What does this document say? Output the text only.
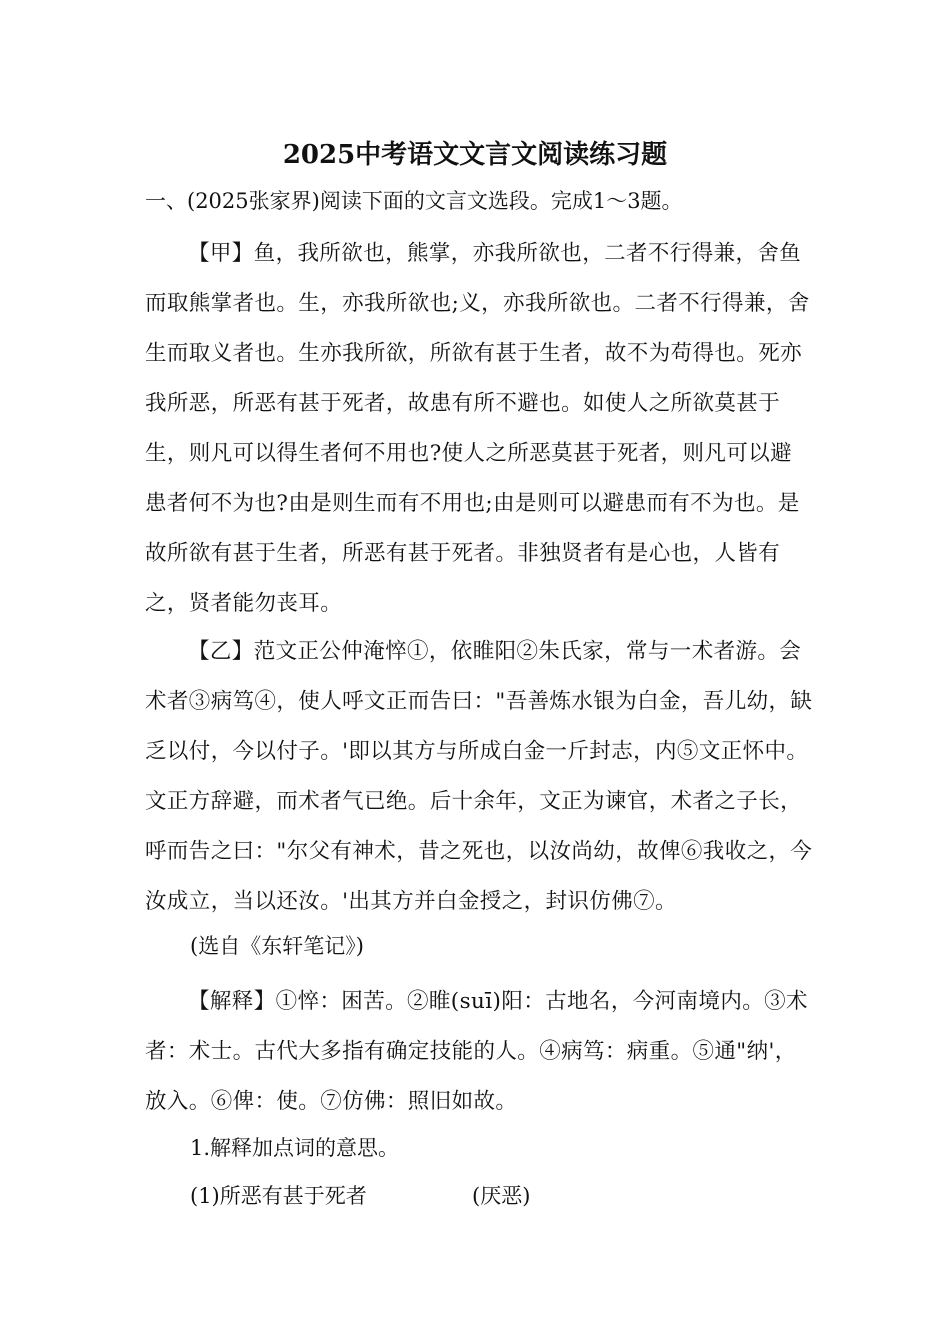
2025中考语文文言文阅读练习题
一、(2025张家界)阅读下面的文言文选段。完成1～3题。
【甲】鱼，我所欲也，熊掌，亦我所欲也，二者不行得兼，舍鱼而取熊掌者也。生，亦我所欲也;义，亦我所欲也。二者不行得兼，舍生而取义者也。生亦我所欲，所欲有甚于生者，故不为苟得也。死亦我所恶，所恶有甚于死者，故患有所不避也。如使人之所欲莫甚于生，则凡可以得生者何不用也?使人之所恶莫甚于死者，则凡可以避患者何不为也?由是则生而有不用也;由是则可以避患而有不为也。是故所欲有甚于生者，所恶有甚于死者。非独贤者有是心也，人皆有之，贤者能勿丧耳。
【乙】范文正公仲淹悴①，依睢阳②朱氏家，常与一术者游。会术者③病笃④，使人呼文正而告曰："吾善炼水银为白金，吾儿幼，缺乏以付，今以付子。'即以其方与所成白金一斤封志，内⑤文正怀中。文正方辞避，而术者气已绝。后十余年，文正为谏官，术者之子长，呼而告之曰："尔父有神术，昔之死也，以汝尚幼，故俾⑥我收之，今汝成立，当以还汝。'出其方并白金授之，封识仿佛⑦。
(选自《东轩笔记》)
【解释】①悴：困苦。②睢(suī)阳：古地名，今河南境内。③术者：术士。古代大多指有确定技能的人。④病笃：病重。⑤通"纳'，放入。⑥俾：使。⑦仿佛：照旧如故。
1.解释加点词的意思。
(1)所恶有甚于死者	(厌恶)
